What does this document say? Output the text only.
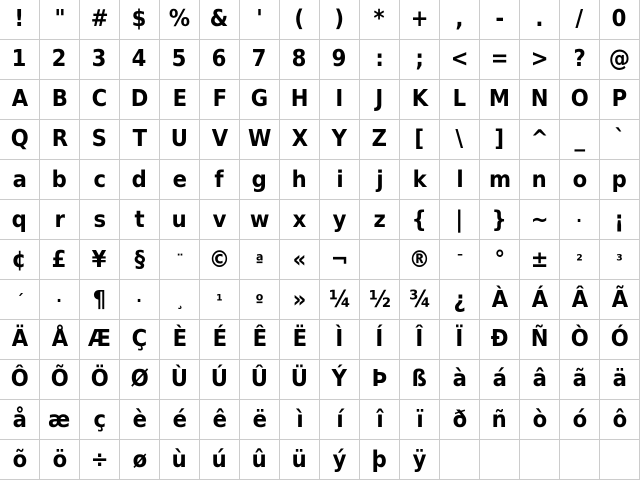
! " # $ % & ' ( ) * + , - . / 0
1 2 3 4 5 6 7 8 9 : ; < = > ? @
A B C D E F G H I J K L M N O P
Q R S T U V W X Y Z [ \ ] ^ _ `
a b c d e f g h i j k l m n o p
q r s t u v w x y z { | } ~ · ¡
¢ £ ¥ § ¨ © ª « ¬	® ¯ ° ± ² ³
´ · ¶ · ¸ ¹ º » ¼ ½ ¾ ¿ À Á Â Ã
Ä Å Æ Ç È É Ê Ë Ì Í Î Ï Ð Ñ Ò Ó
Ô Õ Ö Ø Ù Ú Û Ü Ý Þ ß à á â ã ä
å æ ç è é ê ë ì í î ï ð ñ ò ó ô
õ ö ÷ ø ù ú û ü ý þ ÿ
